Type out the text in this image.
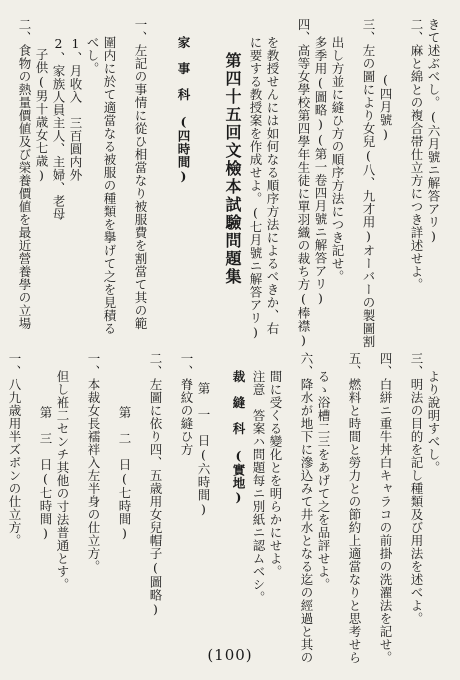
きて述ぶべし。(六月號ニ解答アリ)
二、麻と綿との複合帯仕立方につき詳述せよ。
(四月號)
三、左の圖により女兒(八、九才用)オーバーの製圖割
出し方並に縫ひ方の順序方法につき記せ。
多季用(圖略)(第一卷四月號ニ解答アリ)
四、高等女學校第四學年生徒に單羽織の裁ち方(棒襟)
を教授せんには如何なる順序方法によるべきか、右
に要する教授案を作成せよ。(七月號ニ解答アリ)
第四十五回文檢本試驗問題集
家　事　科　(四時間)
一、左記の事情に從ひ相當なり被服費を割當て其の範
圍内に於て適當なる被服の種類を擧げて之を見積る
べし。
1、月收入　三百圓内外
2、家族人員主人、主婦、老母
子供(男十歳女七歳)
二、食物の熱量價値及び榮養價値を最近營養學の立場
より說明すべし。
三、明法の目的を記し種類及び用法を述べよ。
四、白絣ニ重牛丼白キャラコの前掛の洗濯法を記せ。
五、燃料と時間と勞力との節約上適當なりと思考せら
るゝ浴槽二三をあげて之を品評せよ。
六、降水が地下に滲込みて井水となる迄の經過と其の
間に受くる變化とを明らかにせよ。
注意　答案ハ問題每ニ別紙ニ認ムベシ。
裁　縫　科　(實地)
第　一　日(六時間)
一、脊紋の縫ひ方
二、左圖に依り四、五歳用女兒帽子(圖略)
第　二　日(七時間)
一、本裁女長襦袢入左半身の仕立方。
但し袵二センチ其他の寸法普通とす。
第　三　日(七時間)
一、八九歳用半ズボンの仕立方。
(100)
